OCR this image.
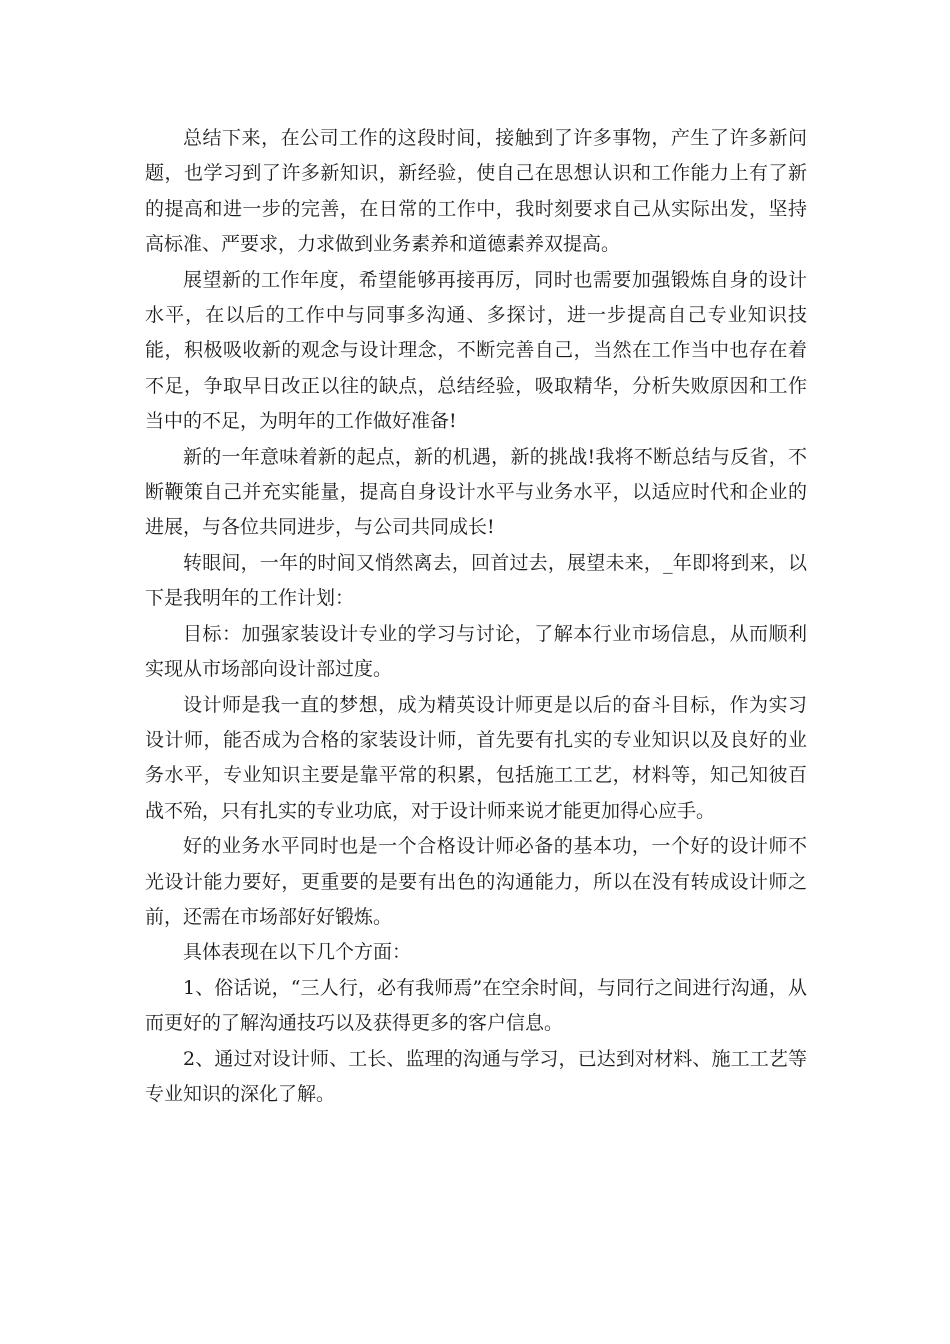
总结下来，在公司工作的这段时间，接触到了许多事物，产生了许多新问题，也学习到了许多新知识，新经验，使自己在思想认识和工作能力上有了新的提高和进一步的完善，在日常的工作中，我时刻要求自己从实际出发，坚持高标准、严要求，力求做到业务素养和道德素养双提高。

展望新的工作年度，希望能够再接再厉，同时也需要加强锻炼自身的设计水平，在以后的工作中与同事多沟通、多探讨，进一步提高自己专业知识技能，积极吸收新的观念与设计理念，不断完善自己，当然在工作当中也存在着不足，争取早日改正以往的缺点，总结经验，吸取精华，分析失败原因和工作当中的不足，为明年的工作做好准备!

新的一年意味着新的起点，新的机遇，新的挑战!我将不断总结与反省，不断鞭策自己并充实能量，提高自身设计水平与业务水平，以适应时代和企业的进展，与各位共同进步，与公司共同成长!

转眼间，一年的时间又悄然离去，回首过去，展望未来，_年即将到来，以下是我明年的工作计划：

目标：加强家装设计专业的学习与讨论，了解本行业市场信息，从而顺利实现从市场部向设计部过度。

设计师是我一直的梦想，成为精英设计师更是以后的奋斗目标，作为实习设计师，能否成为合格的家装设计师，首先要有扎实的专业知识以及良好的业务水平，专业知识主要是靠平常的积累，包括施工工艺，材料等，知己知彼百战不殆，只有扎实的专业功底，对于设计师来说才能更加得心应手。

好的业务水平同时也是一个合格设计师必备的基本功，一个好的设计师不光设计能力要好，更重要的是要有出色的沟通能力，所以在没有转成设计师之前，还需在市场部好好锻炼。

具体表现在以下几个方面：

1、俗话说，“三人行，必有我师焉”在空余时间，与同行之间进行沟通，从而更好的了解沟通技巧以及获得更多的客户信息。

2、通过对设计师、工长、监理的沟通与学习，已达到对材料、施工工艺等专业知识的深化了解。
